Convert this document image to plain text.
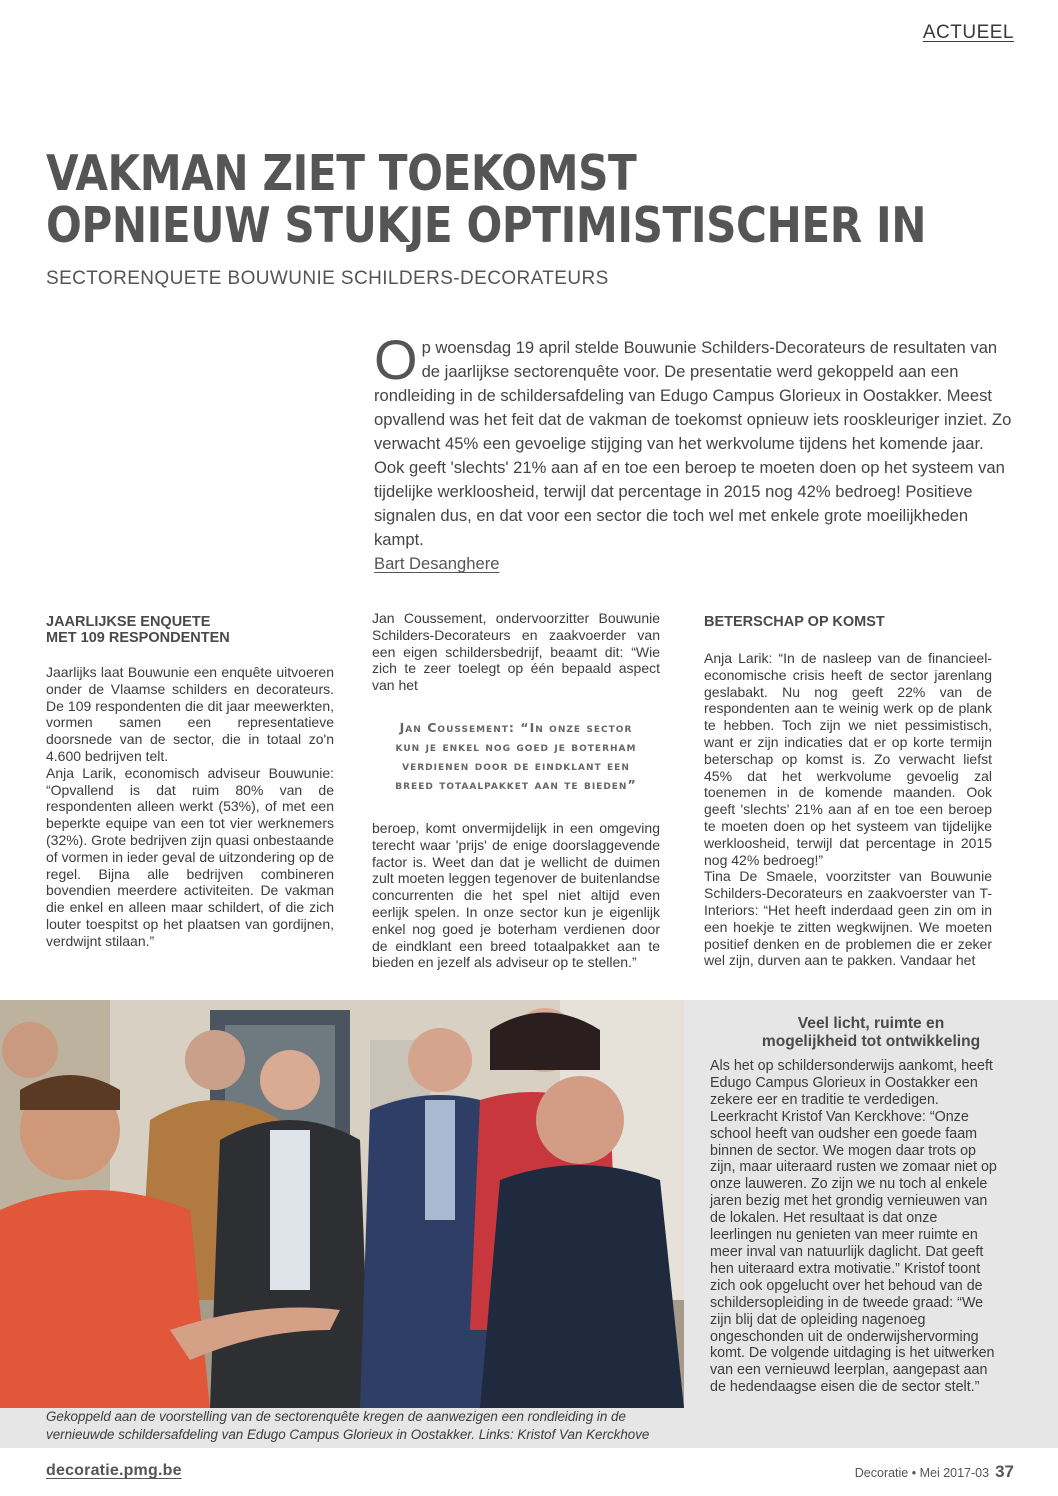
ACTUEEL
VAKMAN ZIET TOEKOMST
OPNIEUW STUKJE OPTIMISTISCHER IN
SECTORENQUETE BOUWUNIE SCHILDERS-DECORATEURS
Op woensdag 19 april stelde Bouwunie Schilders-Decorateurs de resultaten van de jaarlijkse sectorenquête voor. De presentatie werd gekoppeld aan een rondleiding in de schildersafdeling van Edugo Campus Glorieux in Oostakker. Meest opvallend was het feit dat de vakman de toekomst opnieuw iets rooskleuriger inziet. Zo verwacht 45% een gevoelige stijging van het werkvolume tijdens het komende jaar. Ook geeft 'slechts' 21% aan af en toe een beroep te moeten doen op het systeem van tijdelijke werkloosheid, terwijl dat percentage in 2015 nog 42% bedroeg! Positieve signalen dus, en dat voor een sector die toch wel met enkele grote moeilijkheden kampt.
Bart Desanghere
JAARLIJKSE ENQUETE
MET 109 RESPONDENTEN

Jaarlijks laat Bouwunie een enquête uitvoeren onder de Vlaamse schilders en decorateurs. De 109 respondenten die dit jaar meewerkten, vormen samen een representatieve doorsnede van de sector, die in totaal zo'n 4.600 bedrijven telt.

Anja Larik, economisch adviseur Bouwunie: “Opvallend is dat ruim 80% van de respondenten alleen werkt (53%), of met een beperkte equipe van een tot vier werknemers (32%). Grote bedrijven zijn quasi onbestaande of vormen in ieder geval de uitzondering op de regel. Bijna alle bedrijven combineren bovendien meerdere activiteiten. De vakman die enkel en alleen maar schildert, of die zich louter toespitst op het plaatsen van gordijnen, verdwijnt stilaan.”

Jan Coussement, ondervoorzitter Bouwunie Schilders-Decorateurs en zaakvoerder van een eigen schildersbedrijf, beaamt dit: “Wie zich te zeer toelegt op één bepaald aspect van het

Jan Coussement: “In onze sector kun je enkel nog goed je boterham verdienen door de eindklant een breed totaalpakket aan te bieden”

beroep, komt onvermijdelijk in een omgeving terecht waar 'prijs' de enige doorslaggevende factor is. Weet dan dat je wellicht de duimen zult moeten leggen tegenover de buitenlandse concurrenten die het spel niet altijd even eerlijk spelen. In onze sector kun je eigenlijk enkel nog goed je boterham verdienen door de eindklant een breed totaalpakket aan te bieden en jezelf als adviseur op te stellen.”

BETERSCHAP OP KOMST

Anja Larik: “In de nasleep van de financieel-economische crisis heeft de sector jarenlang geslabakt. Nu nog geeft 22% van de respondenten aan te weinig werk op de plank te hebben. Toch zijn we niet pessimistisch, want er zijn indicaties dat er op korte termijn beterschap op komst is. Zo verwacht liefst 45% dat het werkvolume gevoelig zal toenemen in de komende maanden. Ook geeft 'slechts' 21% aan af en toe een beroep te moeten doen op het systeem van tijdelijke werkloosheid, terwijl dat percentage in 2015 nog 42% bedroeg!”

Tina De Smaele, voorzitster van Bouwunie Schilders-Decorateurs en zaakvoerster van T-Interiors: “Het heeft inderdaad geen zin om in een hoekje te zitten wegkwijnen. We moeten positief denken en de problemen die er zeker wel zijn, durven aan te pakken. Vandaar het

Gekoppeld aan de voorstelling van de sectorenquête kregen de aanwezigen een rondleiding in de vernieuwde schildersafdeling van Edugo Campus Glorieux in Oostakker. Links: Kristof Van Kerckhove
Veel licht, ruimte en
mogelijkheid tot ontwikkeling
Als het op schildersonderwijs aankomt, heeft Edugo Campus Glorieux in Oostakker een zekere eer en traditie te verdedigen. Leerkracht Kristof Van Kerckhove: “Onze school heeft van oudsher een goede faam binnen de sector. We mogen daar trots op zijn, maar uiteraard rusten we zomaar niet op onze lauweren. Zo zijn we nu toch al enkele jaren bezig met het grondig vernieuwen van de lokalen. Het resultaat is dat onze leerlingen nu genieten van meer ruimte en meer inval van natuurlijk daglicht. Dat geeft hen uiteraard extra motivatie.” Kristof toont zich ook opgelucht over het behoud van de schildersopleiding in de tweede graad: “We zijn blij dat de opleiding nagenoeg ongeschonden uit de onderwijshervorming komt. De volgende uitdaging is het uitwerken van een vernieuwd leerplan, aangepast aan de hedendaagse eisen die de sector stelt.”
decoratie.pmg.be	Decoratie • Mei 2017-03 37
